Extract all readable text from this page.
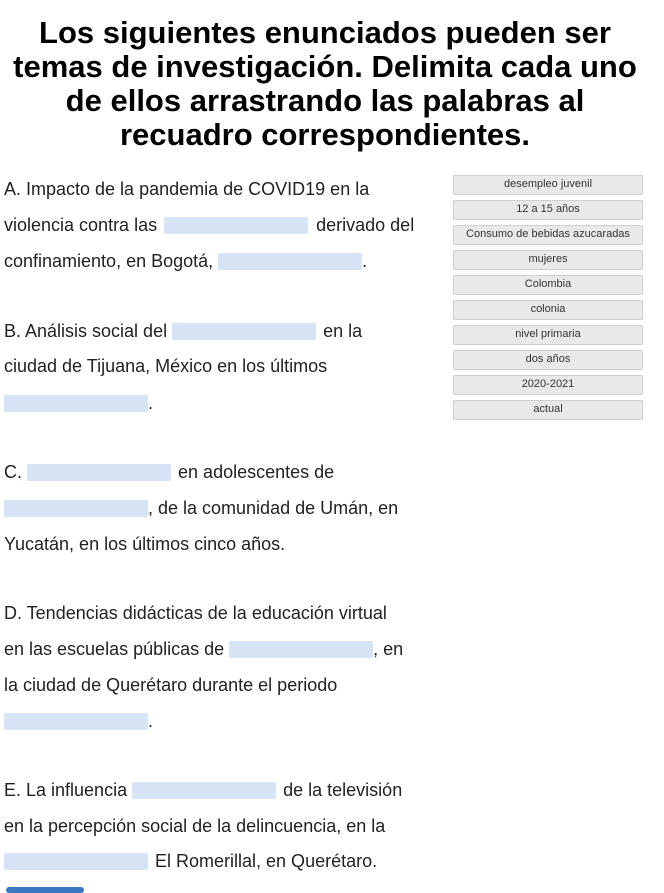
Los siguientes enunciados pueden ser temas de investigación. Delimita cada uno de ellos arrastrando las palabras al recuadro correspondientes.
A. Impacto de la pandemia de COVID19 en la
violencia contra las	derivado del
confinamiento, en Bogotá,	.
B. Análisis social del	en la
ciudad de Tijuana, México en los últimos
.
C.	en adolescentes de
, de la comunidad de Umán, en
Yucatán, en los últimos cinco años.
D. Tendencias didácticas de la educación virtual
en las escuelas públicas de	, en
la ciudad de Querétaro durante el periodo
.
E. La influencia	de la televisión
en la percepción social de la delincuencia, en la
El Romerillal, en Querétaro.
desempleo juvenil
12 a 15 años
Consumo de bebidas azucaradas
mujeres
Colombia
colonia
nivel primaria
dos años
2020-2021
actual
